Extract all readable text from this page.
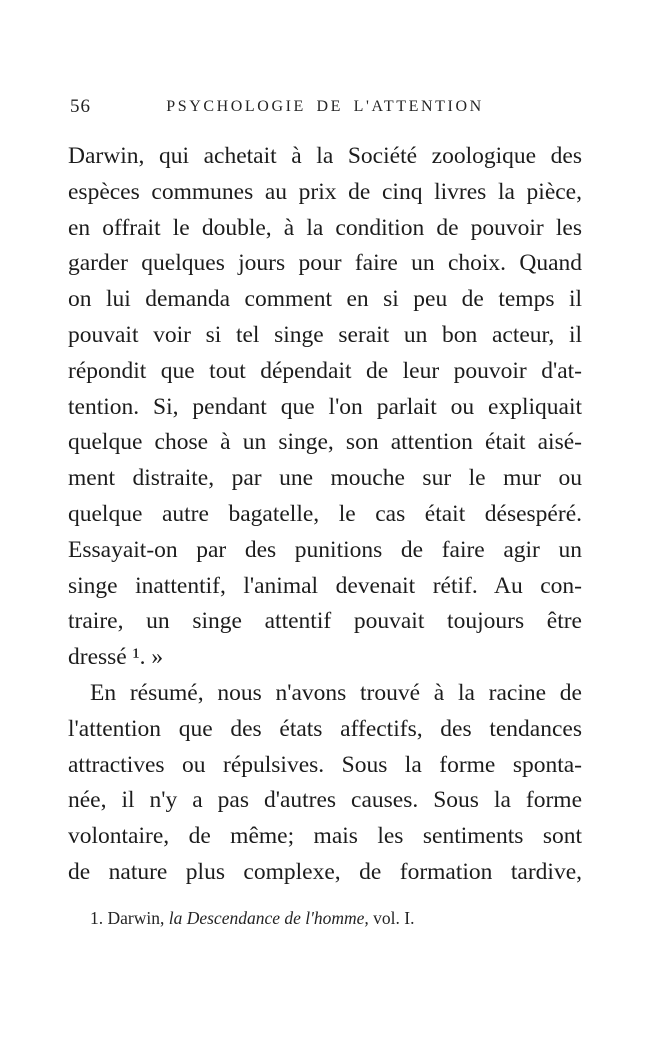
56	PSYCHOLOGIE DE L'ATTENTION
Darwin, qui achetait à la Société zoologique des
espèces communes au prix de cinq livres la pièce,
en offrait le double, à la condition de pouvoir les
garder quelques jours pour faire un choix. Quand
on lui demanda comment en si peu de temps il
pouvait voir si tel singe serait un bon acteur, il
répondit que tout dépendait de leur pouvoir d'at-
tention. Si, pendant que l'on parlait ou expliquait
quelque chose à un singe, son attention était aisé-
ment distraite, par une mouche sur le mur ou
quelque autre bagatelle, le cas était désespéré.
Essayait-on par des punitions de faire agir un
singe inattentif, l'animal devenait rétif. Au con-
traire, un singe attentif pouvait toujours être
dressé ¹. »
En résumé, nous n'avons trouvé à la racine de
l'attention que des états affectifs, des tendances
attractives ou répulsives. Sous la forme sponta-
née, il n'y a pas d'autres causes. Sous la forme
volontaire, de même; mais les sentiments sont
de nature plus complexe, de formation tardive,
1. Darwin, la Descendance de l'homme, vol. I.
